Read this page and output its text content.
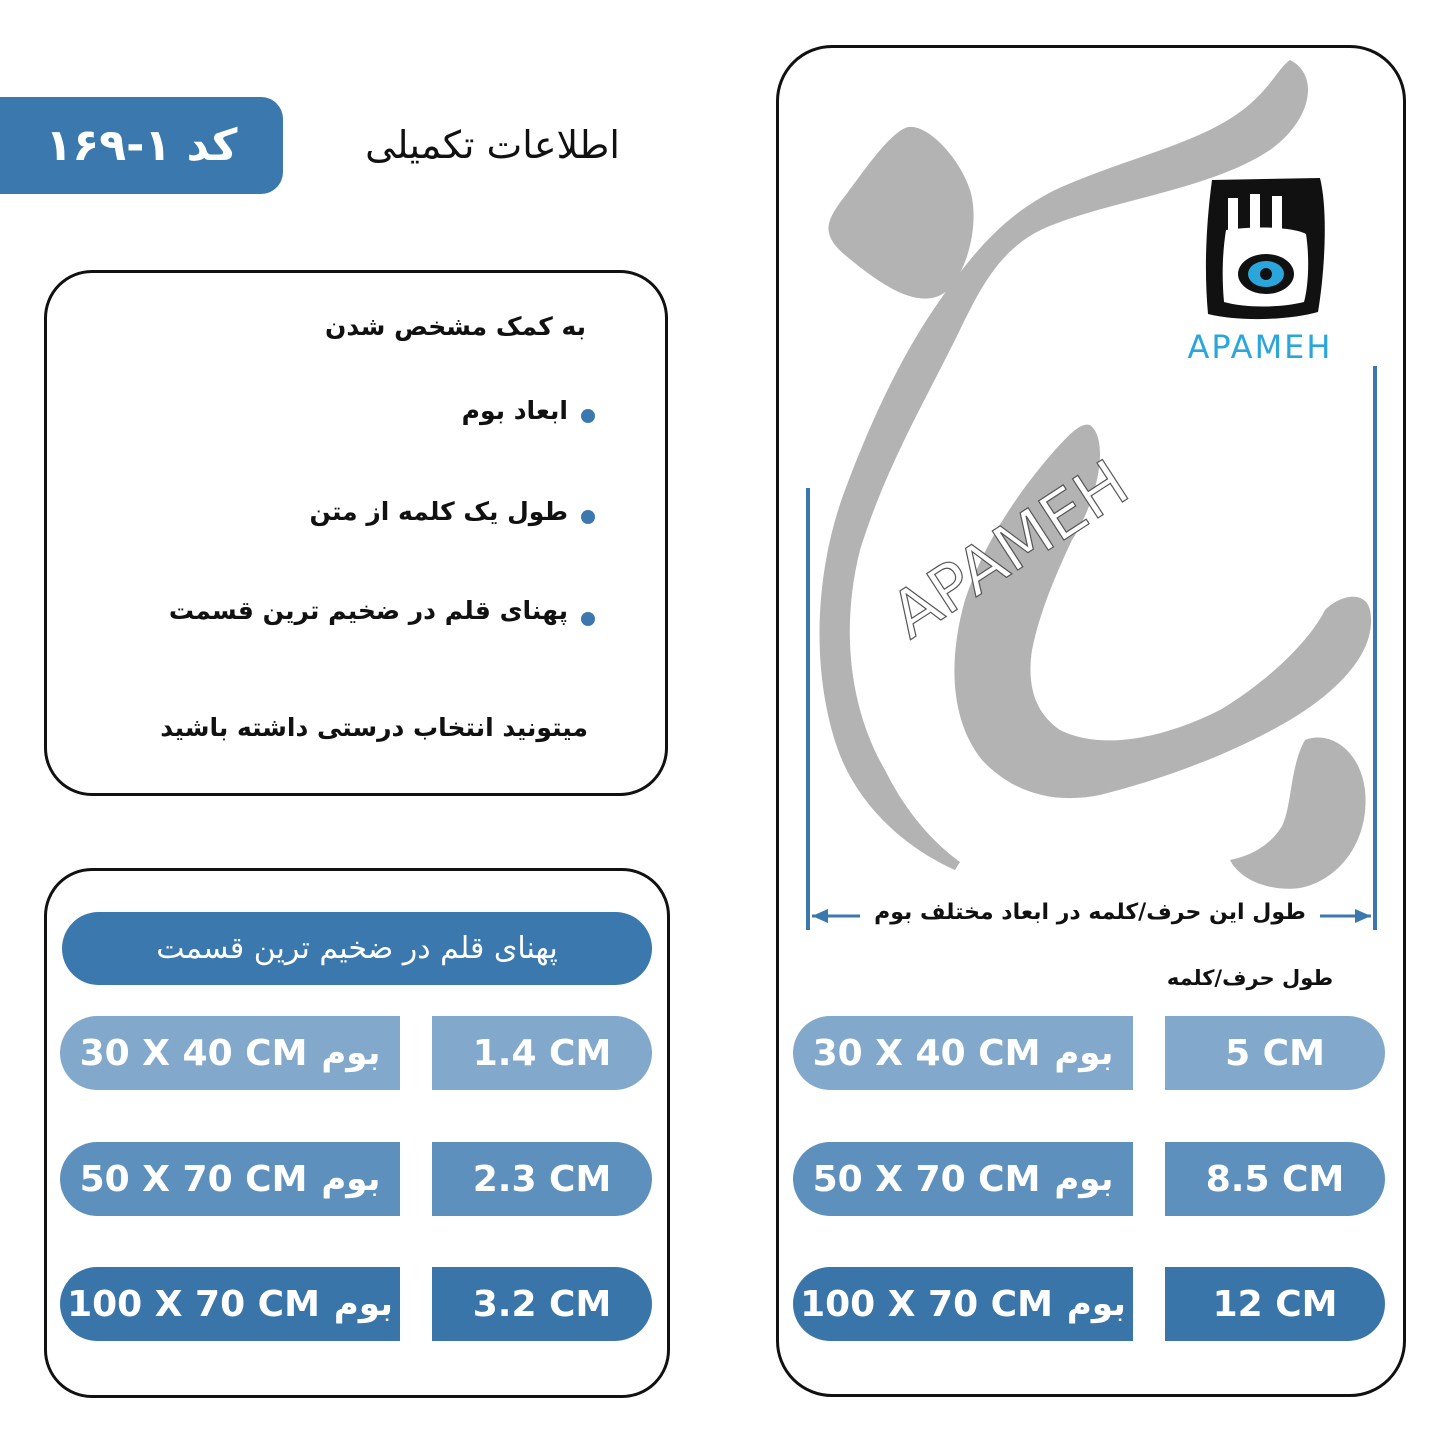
کد ۱-۱۶۹	اطلاعات تکمیلی
به کمک مشخص شدن
ابعاد بوم
طول یک کلمه از متن
پهنای قلم در ضخیم ترین قسمت
میتونید انتخاب درستی داشته باشید
پهنای قلم در ضخیم ترین قسمت
30 X 40 CM بوم	1.4 CM
50 X 70 CM بوم	2.3 CM
100 X 70 CM بوم 3.2 CM
APAMEH
APAMEH
طول این حرف/کلمه در ابعاد مختلف بوم
طول حرف/کلمه
30 X 40 CM بوم	5 CM
50 X 70 CM بوم	8.5 CM
100 X 70 CM بوم 12 CM
